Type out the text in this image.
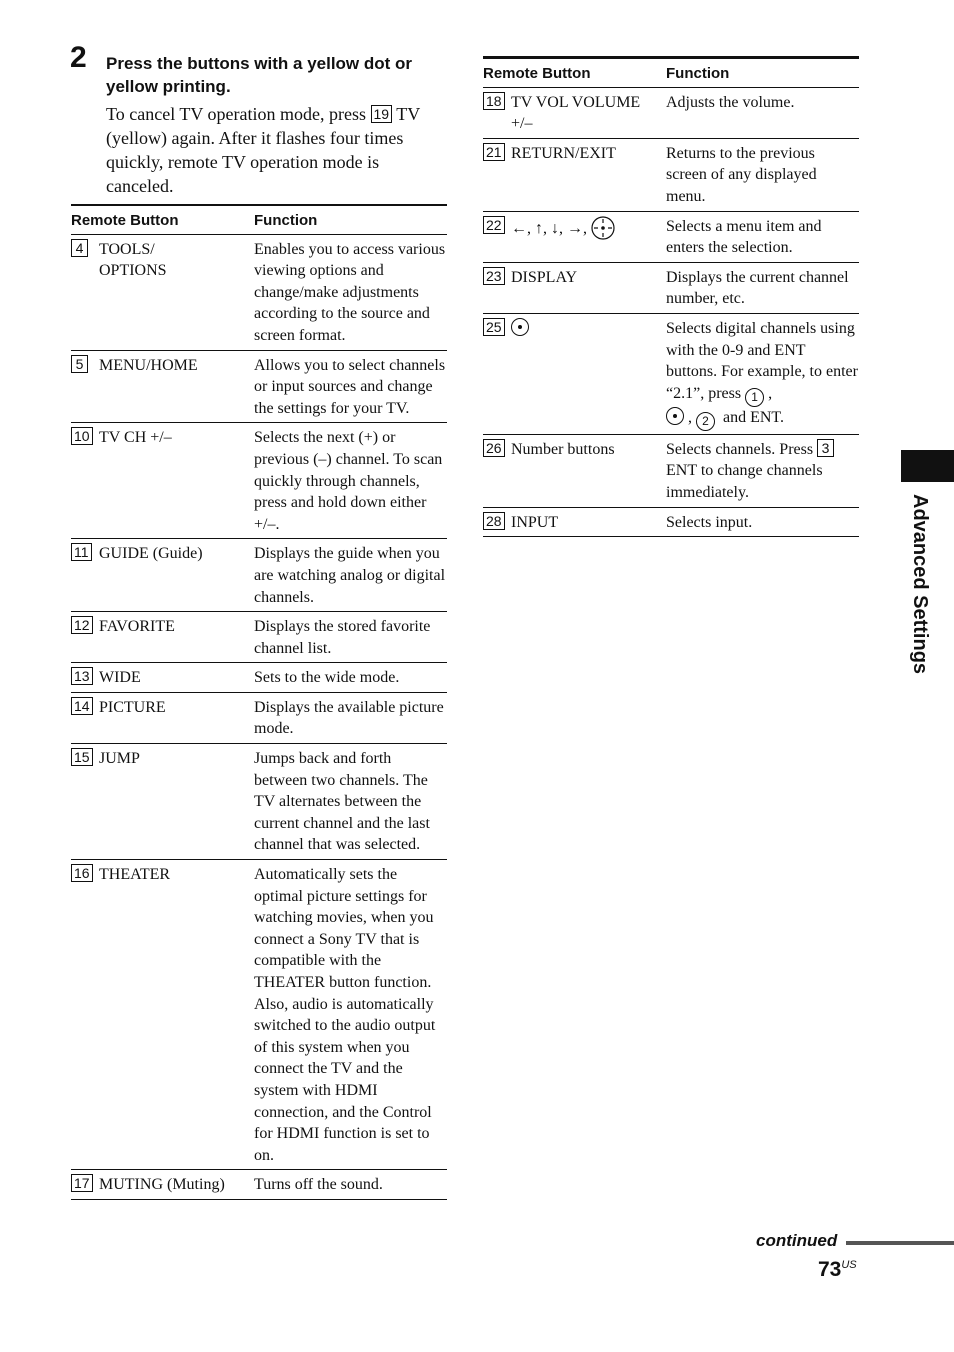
2 Press the buttons with a yellow dot or yellow printing.
To cancel TV operation mode, press 19 TV (yellow) again. After it flashes four times quickly, remote TV operation mode is canceled.
Remote Button	Function

4 TOOLS/
OPTIONS	Enables you to access various viewing options and change/make adjustments according to the source and screen format.

5 MENU/HOME	Allows you to select channels or input sources and change the settings for your TV.

10 TV CH +/–	Selects the next (+) or previous (–) channel. To scan quickly through channels, press and hold down either +/–.

11 GUIDE (Guide)	Displays the guide when you are watching analog or digital channels.

12 FAVORITE	Displays the stored favorite channel list.

13 WIDE	Sets to the wide mode.

14 PICTURE	Displays the available picture mode.

15 JUMP	Jumps back and forth between two channels. The TV alternates between the current channel and the last channel that was selected.

16 THEATER	Automatically sets the optimal picture settings for watching movies, when you connect a Sony TV that is compatible with the THEATER button function. Also, audio is automatically switched to the audio output of this system when you connect the TV and the system with HDMI connection, and the Control for HDMI function is set to on.

17 MUTING (Muting)	Turns off the sound.
Remote Button	Function

18 TV VOL VOLUME +/–	Adjusts the volume.

21 RETURN/EXIT	Returns to the previous screen of any displayed menu.

22 ←, ↑, ↓, →,	Selects a menu item and enters the selection.

23 DISPLAY	Displays the current channel number, etc.

25	Selects digital channels using with the 0-9 and ENT buttons. For example, to enter “2.1”, press 1 ,
, 2 and ENT.

26 Number buttons	Selects channels. Press 3 ENT to change channels immediately.

28 INPUT	Selects input.	Advanced Settings
continued
$73^{US}$
